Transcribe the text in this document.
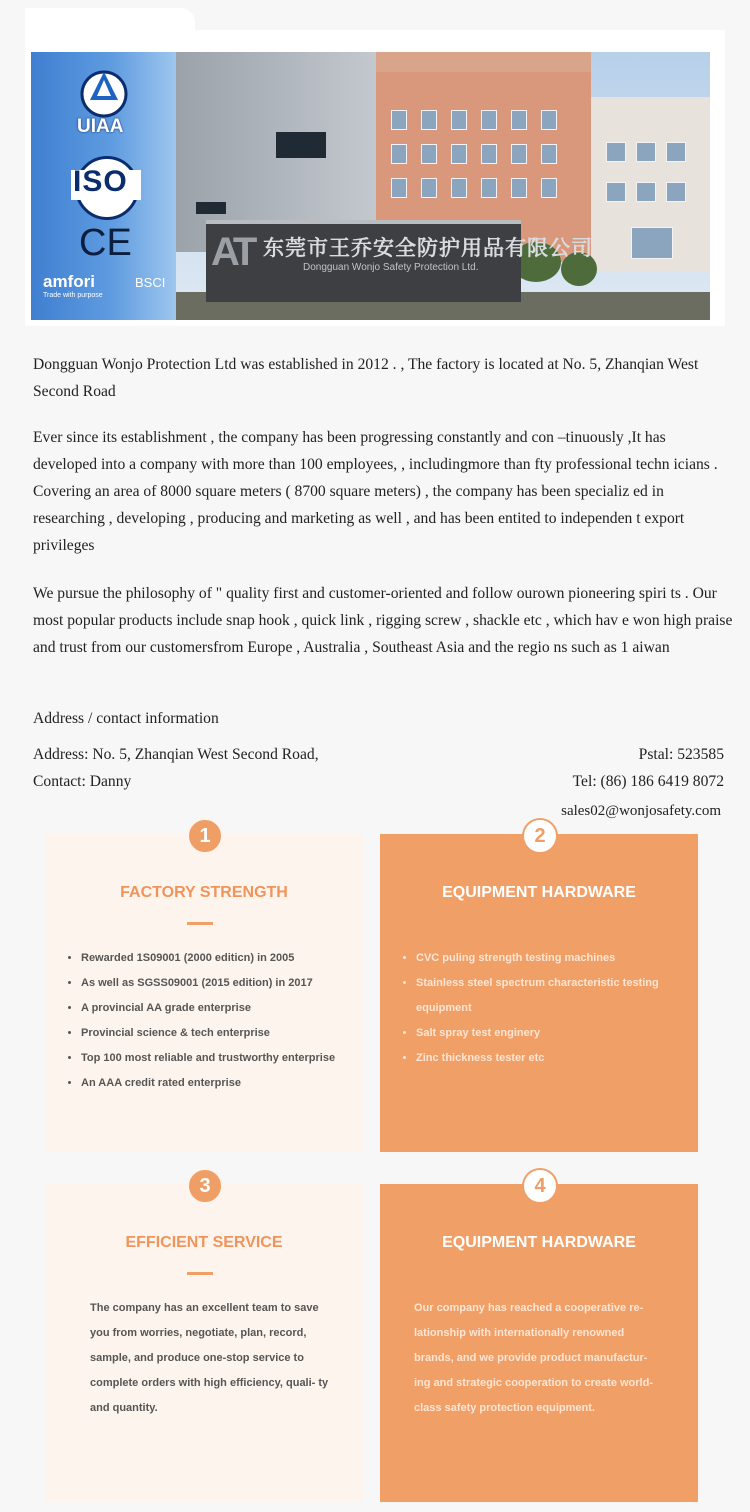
AT 东莞市王乔安全防护用品有限公司
Dongguan Wonjo Safety Protection Ltd.
UIAA
ISO
CE
amfori	BSCI
Trade with purpose

Dongguan Wonjo Protection Ltd was established in 2012 . , The factory is located at No. 5, Zhanqian West Second Road

Ever since its establishment , the company has been progressing constantly and con –tinuously ,It has developed into a company with more than 100 employees, , includingmore than fty professional techn icians . Covering an area of 8000 square meters ( 8700 square meters) , the company has been specializ ed in researching , developing , producing and marketing as well , and has been entited to independen t export privileges

We pursue the philosophy of " quality first and customer-oriented and follow ourown pioneering spiri ts . Our most popular products include snap hook , quick link , rigging screw , shackle etc , which hav e won high praise and trust from our customersfrom Europe , Australia , Southeast Asia and the regio ns such as 1 aiwan

Address / contact information

Address: No. 5, Zhanqian West Second Road,
Contact: Danny
Pstal: 523585
Tel: (86) 186 6419 8072
sales02@wonjosafety.com
1
FACTORY STRENGTH
• Rewarded 1S09001 (2000 editicn) in 2005
• As well as SGSS09001 (2015 edition) in 2017
• A provincial AA grade enterprise
• Provincial science & tech enterprise
• Top 100 most reliable and trustworthy enterprise
• An AAA credit rated enterprise
2
EQUIPMENT HARDWARE
• CVC puling strength testing machines
• Stainless steel spectrum characteristic testing equipment
• Salt spray test enginery
• Zinc thickness tester etc
3
EFFICIENT SERVICE

The company has an excellent team to save you from worries, negotiate, plan, record, sample, and produce one-stop service to complete orders with high efficiency, quali- ty and quantity.

4
EQUIPMENT HARDWARE

Our company has reached a cooperative re- lationship with internationally renowned brands, and we provide product manufactur- ing and strategic cooperation to create world-class safety protection equipment.
